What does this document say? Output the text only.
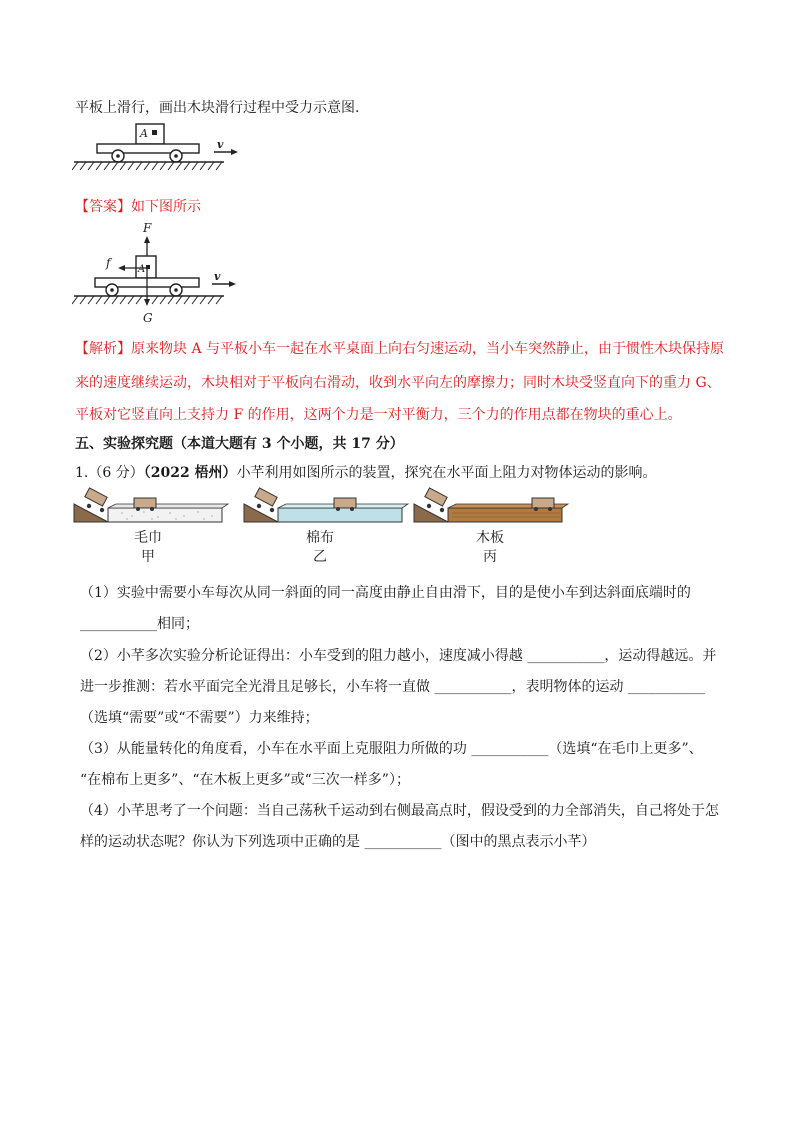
平板上滑行，画出木块滑行过程中受力示意图.
A
v
【答案】如下图所示
F
A
f
G
v
【解析】原来物块 A 与平板小车一起在水平桌面上向右匀速运动，当小车突然静止，由于惯性木块保持原
来的速度继续运动，木块相对于平板向右滑动，收到水平向左的摩擦力；同时木块受竖直向下的重力 G、
平板对它竖直向上支持力 F 的作用，这两个力是一对平衡力，三个力的作用点都在物块的重心上。
五、实验探究题（本道大题有 3 个小题，共 17 分）
1.（6 分）（2022 梧州）小芊利用如图所示的装置，探究在水平面上阻力对物体运动的影响。
毛巾
甲
棉布
乙
木板
丙
（1）实验中需要小车每次从同一斜面的同一高度由静止自由滑下，目的是使小车到达斜面底端时的
___________相同；
（2）小芊多次实验分析论证得出：小车受到的阻力越小，速度减小得越 ___________，运动得越远。并
进一步推测：若水平面完全光滑且足够长，小车将一直做 ___________，表明物体的运动 ___________
（选填“需要”或“不需要”）力来维持；
（3）从能量转化的角度看，小车在水平面上克服阻力所做的功 ___________（选填“在毛巾上更多”、
“在棉布上更多”、“在木板上更多”或“三次一样多”）；
（4）小芊思考了一个问题：当自己荡秋千运动到右侧最高点时，假设受到的力全部消失，自己将处于怎
样的运动状态呢？你认为下列选项中正确的是 ___________（图中的黑点表示小芊）
